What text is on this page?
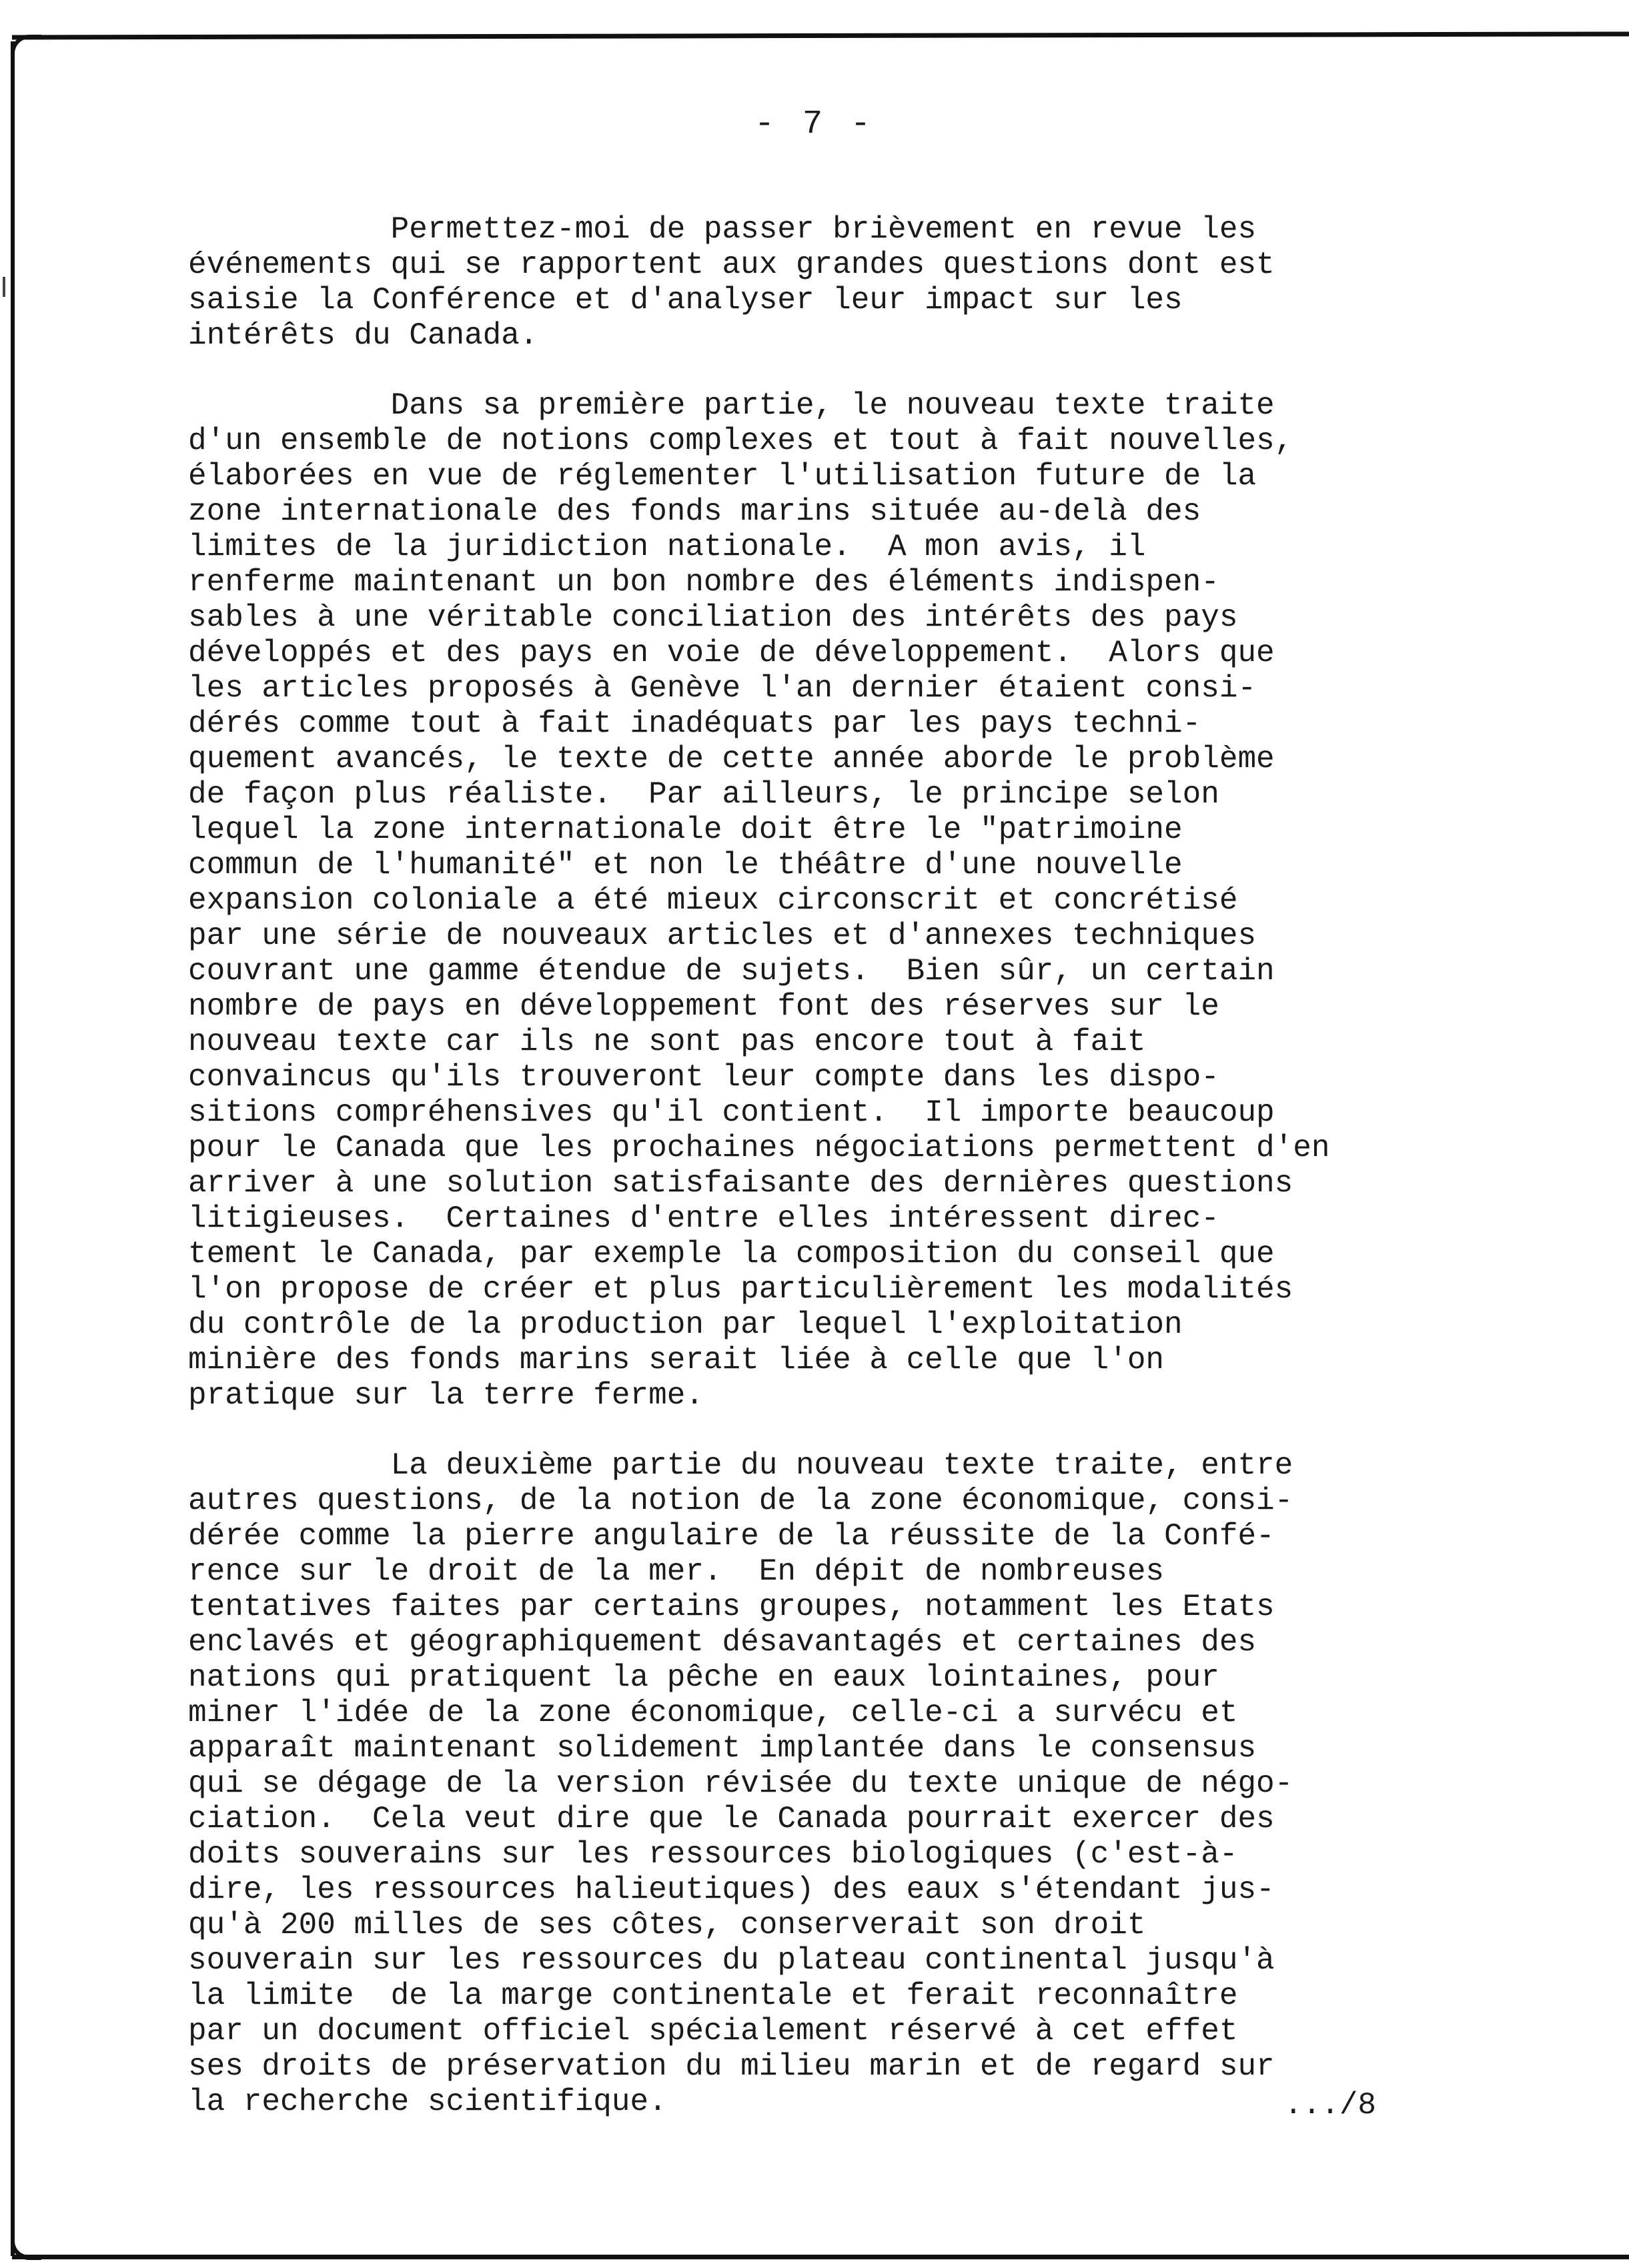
- 7 -
Permettez-moi de passer brièvement en revue les
événements qui se rapportent aux grandes questions dont est
saisie la Conférence et d'analyser leur impact sur les
intérêts du Canada.
Dans sa première partie, le nouveau texte traite
d'un ensemble de notions complexes et tout à fait nouvelles,
élaborées en vue de réglementer l'utilisation future de la
zone internationale des fonds marins située au-delà des
limites de la juridiction nationale.  A mon avis, il
renferme maintenant un bon nombre des éléments indispen-
sables à une véritable conciliation des intérêts des pays
développés et des pays en voie de développement.  Alors que
les articles proposés à Genève l'an dernier étaient consi-
dérés comme tout à fait inadéquats par les pays techni-
quement avancés, le texte de cette année aborde le problème
de façon plus réaliste.  Par ailleurs, le principe selon
lequel la zone internationale doit être le "patrimoine
commun de l'humanité" et non le théâtre d'une nouvelle
expansion coloniale a été mieux circonscrit et concrétisé
par une série de nouveaux articles et d'annexes techniques
couvrant une gamme étendue de sujets.  Bien sûr, un certain
nombre de pays en développement font des réserves sur le
nouveau texte car ils ne sont pas encore tout à fait
convaincus qu'ils trouveront leur compte dans les dispo-
sitions compréhensives qu'il contient.  Il importe beaucoup
pour le Canada que les prochaines négociations permettent d'en
arriver à une solution satisfaisante des dernières questions
litigieuses.  Certaines d'entre elles intéressent direc-
tement le Canada, par exemple la composition du conseil que
l'on propose de créer et plus particulièrement les modalités
du contrôle de la production par lequel l'exploitation
minière des fonds marins serait liée à celle que l'on
pratique sur la terre ferme.
La deuxième partie du nouveau texte traite, entre
autres questions, de la notion de la zone économique, consi-
dérée comme la pierre angulaire de la réussite de la Confé-
rence sur le droit de la mer.  En dépit de nombreuses
tentatives faites par certains groupes, notamment les Etats
enclavés et géographiquement désavantagés et certaines des
nations qui pratiquent la pêche en eaux lointaines, pour
miner l'idée de la zone économique, celle-ci a survécu et
apparaît maintenant solidement implantée dans le consensus
qui se dégage de la version révisée du texte unique de négo-
ciation.  Cela veut dire que le Canada pourrait exercer des
doits souverains sur les ressources biologiques (c'est-à-
dire, les ressources halieutiques) des eaux s'étendant jus-
qu'à 200 milles de ses côtes, conserverait son droit
souverain sur les ressources du plateau continental jusqu'à
la limite  de la marge continentale et ferait reconnaître
par un document officiel spécialement réservé à cet effet
ses droits de préservation du milieu marin et de regard sur
la recherche scientifique.	.../8
